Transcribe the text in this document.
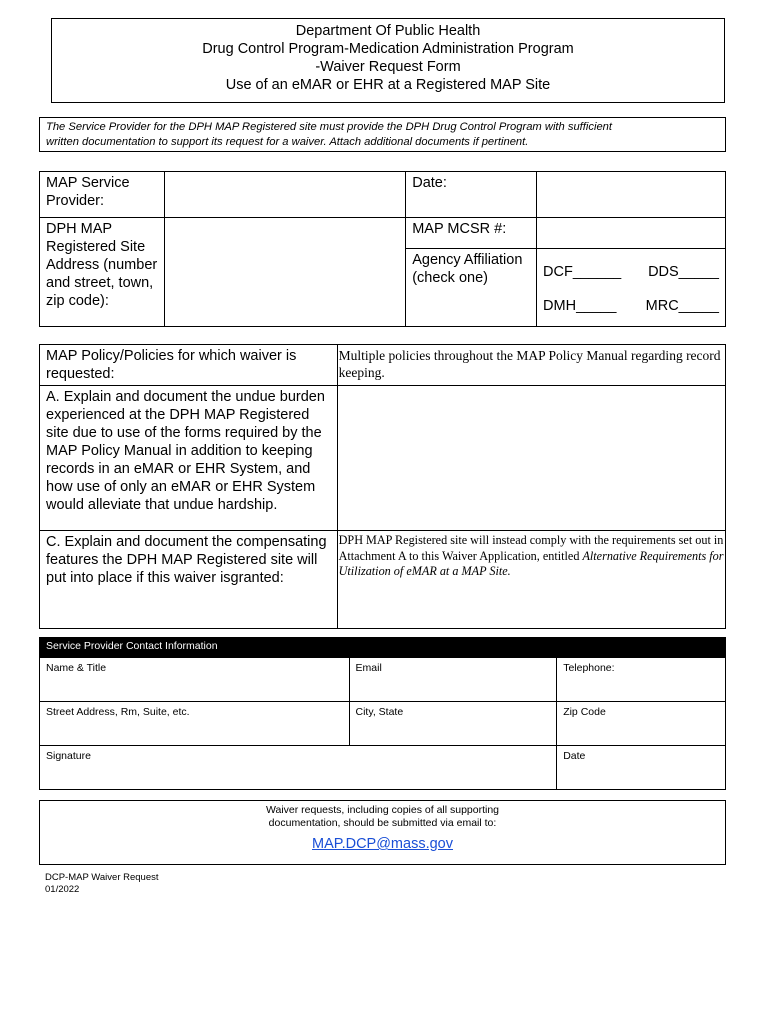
Department Of Public Health
Drug Control Program-Medication Administration Program
-Waiver Request Form
Use of an eMAR or EHR at a Registered MAP Site
The Service Provider for the DPH MAP Registered site must provide the DPH Drug Control Program with sufficient
written documentation to support its request for a waiver. Attach additional documents if pertinent.
MAP Service Provider:		Date:	
DPH MAP Registered Site Address (number and street, town, zip code):		MAP MCSR #:	
		Agency Affiliation (check one)	DCF______ DDS_____
DMH_____ MRC_____
MAP Policy/Policies for which waiver is requested:	Multiple policies throughout the MAP Policy Manual regarding record keeping.
A. Explain and document the undue burden experienced at the DPH MAP Registered site due to use of the forms required by the MAP Policy Manual in addition to keeping records in an eMAR or EHR System, and how use of only an eMAR or EHR System would alleviate that undue hardship.	
C. Explain and document the compensating features the DPH MAP Registered site will put into place if this waiver isgranted:	DPH MAP Registered site will instead comply with the requirements set out in Attachment A to this Waiver Application, entitled Alternative Requirements for Utilization of eMAR at a MAP Site.
Service Provider Contact Information		
Name & Title	Email	Telephone:
Street Address, Rm, Suite, etc.	City, State	Zip Code
Signature		Date
Waiver requests, including copies of all supporting
documentation, should be submitted via email to:
MAP.DCP@mass.gov
DCP-MAP Waiver Request
01/2022
